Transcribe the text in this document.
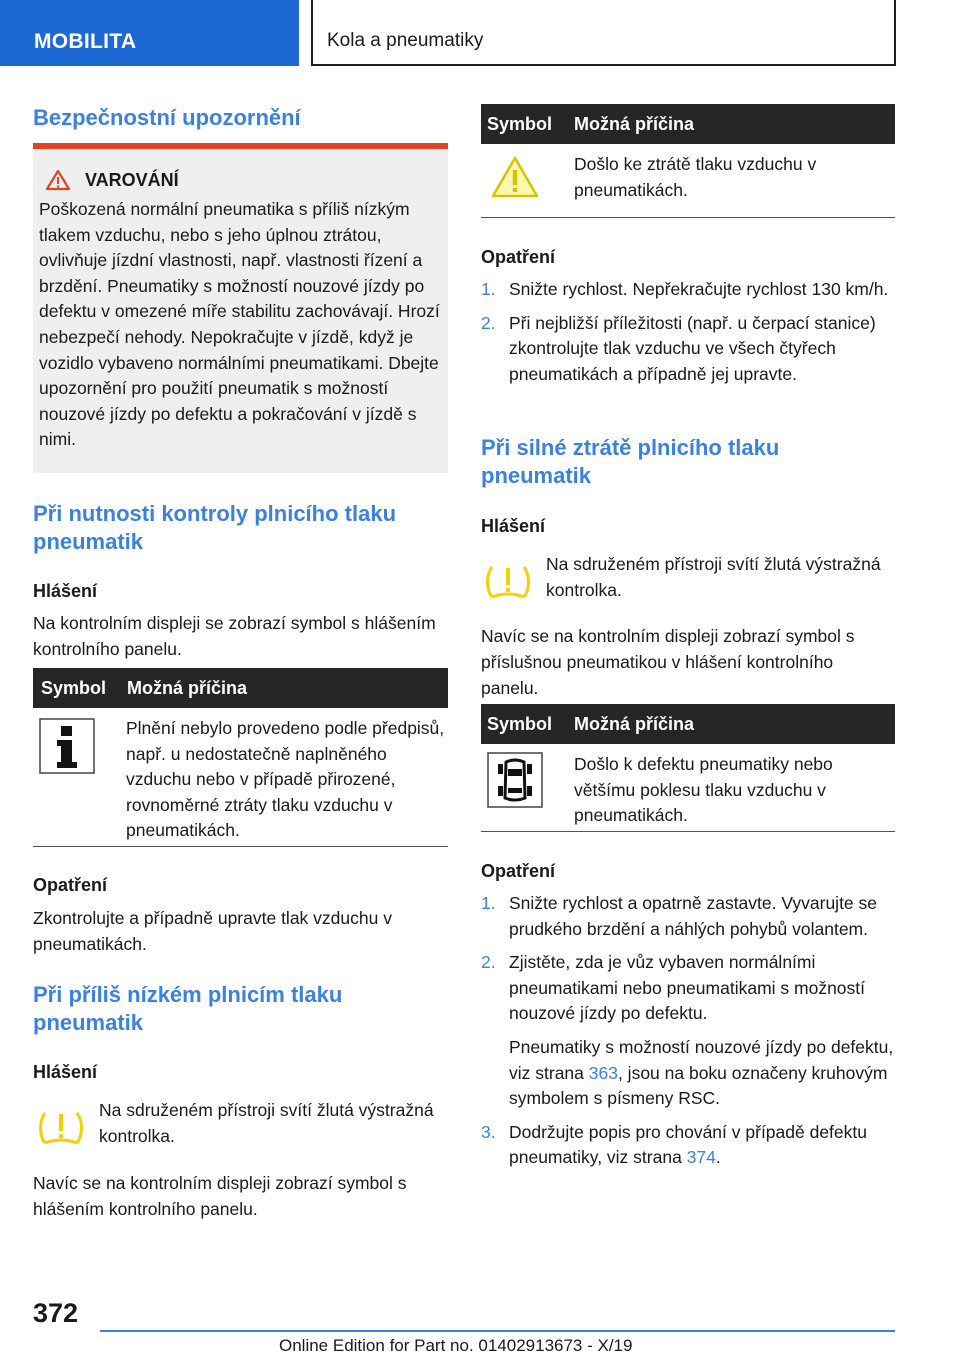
MOBILITA	Kola a pneumatiky
Bezpečnostní upozornění
VAROVÁNÍ
Poškozená normální pneumatika s příliš nízkým tlakem vzduchu, nebo s jeho úplnou ztrátou, ovlivňuje jízdní vlastnosti, např. vlastnosti řízení a brzdění. Pneumatiky s možností nouzové jízdy po defektu v omezené míře stabilitu zachovávají. Hrozí nebezpečí nehody. Nepokračujte v jízdě, když je vozidlo vybaveno normálními pneumatikami. Dbejte upozornění pro použití pneumatik s možností nouzové jízdy po defektu a pokračování v jízdě s nimi.
Při nutnosti kontroly plnicího tlaku pneumatik
Hlášení
Na kontrolním displeji se zobrazí symbol s hlášením kontrolního panelu.
Symbol Možná příčina
Plnění nebylo provedeno podle předpisů, např. u nedostatečně naplněného vzduchu nebo v případě přirozené, rovnoměrné ztráty tlaku vzduchu v pneumatikách.
Opatření
Zkontrolujte a případně upravte tlak vzduchu v pneumatikách.
Při příliš nízkém plnicím tlaku pneumatik
Hlášení
Na sdruženém přístroji svítí žlutá výstražná kontrolka.
Navíc se na kontrolním displeji zobrazí symbol s hlášením kontrolního panelu.
Symbol Možná příčina
Došlo ke ztrátě tlaku vzduchu v pneumatikách.
Opatření
1. Snižte rychlost. Nepřekračujte rychlost 130 km/h.
2. Při nejbližší příležitosti (např. u čerpací stanice) zkontrolujte tlak vzduchu ve všech čtyřech pneumatikách a případně jej upravte.
Při silné ztrátě plnicího tlaku pneumatik
Hlášení
Na sdruženém přístroji svítí žlutá výstražná kontrolka.
Navíc se na kontrolním displeji zobrazí symbol s příslušnou pneumatikou v hlášení kontrolního panelu.
Symbol Možná příčina
Došlo k defektu pneumatiky nebo většímu poklesu tlaku vzduchu v pneumatikách.
Opatření
1. Snižte rychlost a opatrně zastavte. Vyvarujte se prudkého brzdění a náhlých pohybů volantem.
2. Zjistěte, zda je vůz vybaven normálními pneumatikami nebo pneumatikami s možností nouzové jízdy po defektu.
Pneumatiky s možností nouzové jízdy po defektu, viz strana 363, jsou na boku označeny kruhovým symbolem s písmeny RSC.
3. Dodržujte popis pro chování v případě defektu pneumatiky, viz strana 374.
372
Online Edition for Part no. 01402913673 - X/19
